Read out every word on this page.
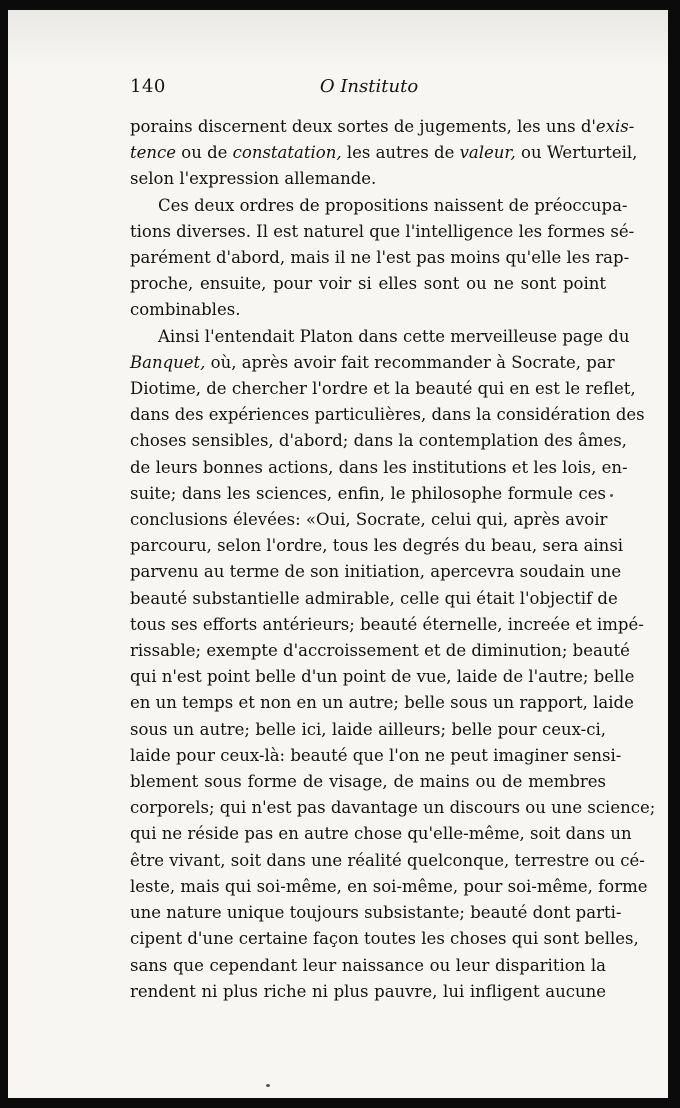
140	O Instituto
porains discernent deux sortes de jugements, les uns d'exis-
tence ou de constatation, les autres de valeur, ou Werturteil,
selon l'expression allemande.
Ces deux ordres de propositions naissent de préoccupa-
tions diverses. Il est naturel que l'intelligence les formes sé-
parément d'abord, mais il ne l'est pas moins qu'elle les rap-
proche, ensuite, pour voir si elles sont ou ne sont point
combinables.
Ainsi l'entendait Platon dans cette merveilleuse page du
Banquet, où, après avoir fait recommander à Socrate, par
Diotime, de chercher l'ordre et la beauté qui en est le reflet,
dans des expériences particulières, dans la considération des
choses sensibles, d'abord; dans la contemplation des âmes,
de leurs bonnes actions, dans les institutions et les lois, en-
suite; dans les sciences, enfin, le philosophe formule ces
conclusions élevées: «Oui, Socrate, celui qui, après avoir
parcouru, selon l'ordre, tous les degrés du beau, sera ainsi
parvenu au terme de son initiation, apercevra soudain une
beauté substantielle admirable, celle qui était l'objectif de
tous ses efforts antérieurs; beauté éternelle, increée et impé-
rissable; exempte d'accroissement et de diminution; beauté
qui n'est point belle d'un point de vue, laide de l'autre; belle
en un temps et non en un autre; belle sous un rapport, laide
sous un autre; belle ici, laide ailleurs; belle pour ceux-ci,
laide pour ceux-là: beauté que l'on ne peut imaginer sensi-
blement sous forme de visage, de mains ou de membres
corporels; qui n'est pas davantage un discours ou une science;
qui ne réside pas en autre chose qu'elle-même, soit dans un
être vivant, soit dans une réalité quelconque, terrestre ou cé-
leste, mais qui soi-même, en soi-même, pour soi-même, forme
une nature unique toujours subsistante; beauté dont parti-
cipent d'une certaine façon toutes les choses qui sont belles,
sans que cependant leur naissance ou leur disparition la
rendent ni plus riche ni plus pauvre, lui infligent aucune
